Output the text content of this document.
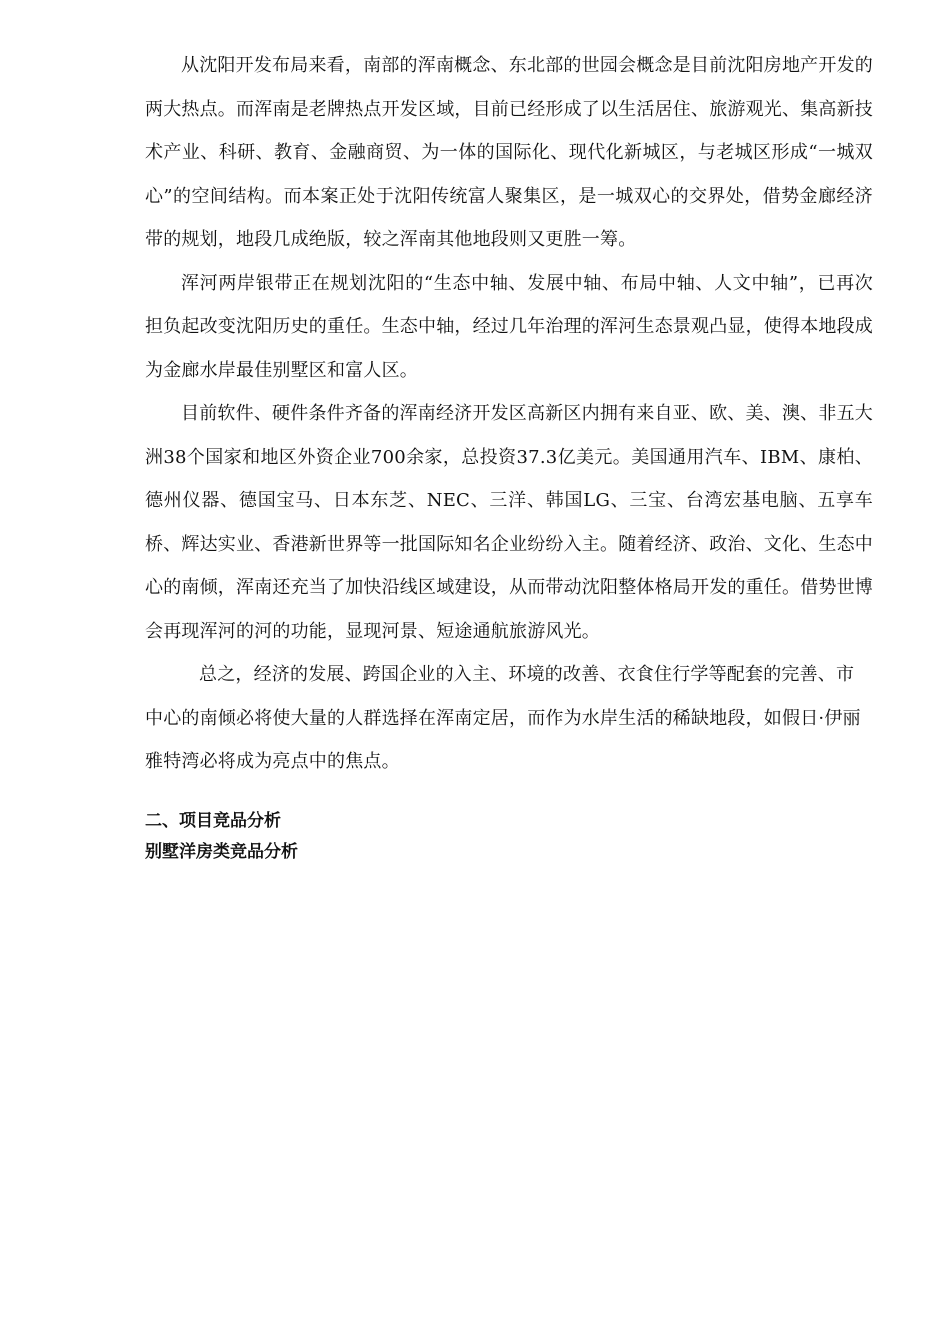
从沈阳开发布局来看，南部的浑南概念、东北部的世园会概念是目前沈阳房地产开发的两大热点。而浑南是老牌热点开发区域，目前已经形成了以生活居住、旅游观光、集高新技术产业、科研、教育、金融商贸、为一体的国际化、现代化新城区，与老城区形成“一城双心”的空间结构。而本案正处于沈阳传统富人聚集区，是一城双心的交界处，借势金廊经济带的规划，地段几成绝版，较之浑南其他地段则又更胜一筹。

浑河两岸银带正在规划沈阳的“生态中轴、发展中轴、布局中轴、人文中轴”，已再次担负起改变沈阳历史的重任。生态中轴，经过几年治理的浑河生态景观凸显，使得本地段成为金廊水岸最佳别墅区和富人区。

目前软件、硬件条件齐备的浑南经济开发区高新区内拥有来自亚、欧、美、澳、非五大洲38个国家和地区外资企业700余家，总投资37.3亿美元。美国通用汽车、IBM、康柏、德州仪器、德国宝马、日本东芝、NEC、三洋、韩国LG、三宝、台湾宏基电脑、五享车桥、辉达实业、香港新世界等一批国际知名企业纷纷入主。随着经济、政治、文化、生态中心的南倾，浑南还充当了加快沿线区域建设，从而带动沈阳整体格局开发的重任。借势世博会再现浑河的河的功能，显现河景、短途通航旅游风光。

总之，经济的发展、跨国企业的入主、环境的改善、衣食住行学等配套的完善、市中心的南倾必将使大量的人群选择在浑南定居，而作为水岸生活的稀缺地段，如假日·伊丽雅特湾必将成为亮点中的焦点。

二、项目竞品分析

别墅洋房类竞品分析
